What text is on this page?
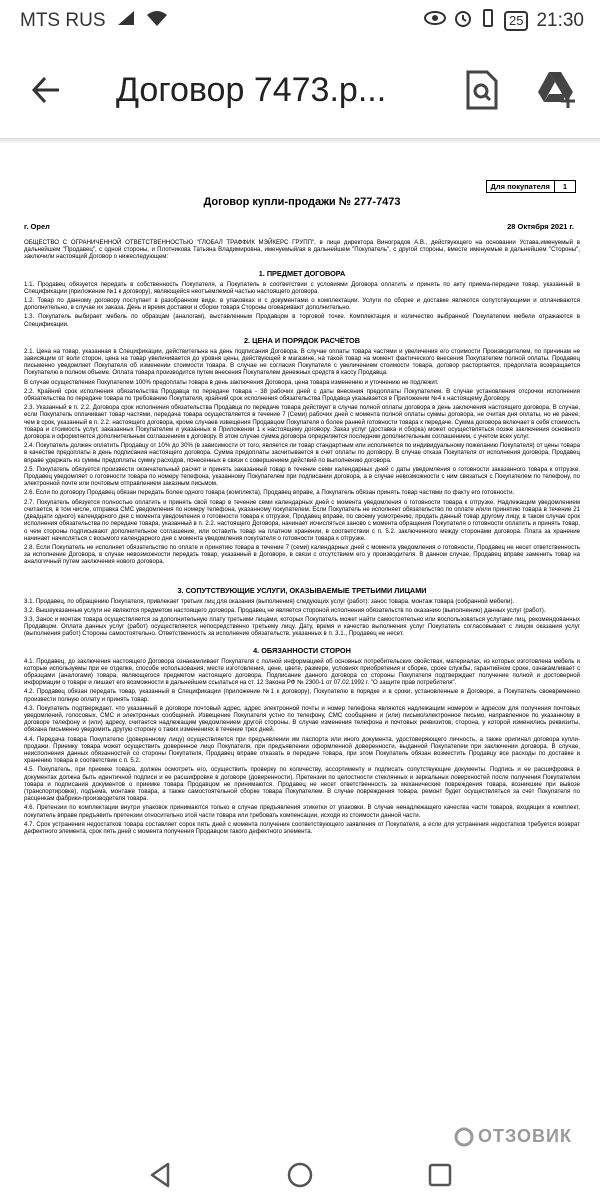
MTS RUS	25 21:30
Договор 7473.p...
Для покупателя	1
Договор купли-продажи № 277-7473
г. Орел	28 Октября 2021 г.
ОБЩЕСТВО С ОГРАНИЧЕННОЙ ОТВЕТСТВЕННОСТЬЮ "ГЛОБАЛ ТРАФФИК МЭЙКЕРС ГРУПП", в лице директора Виноградов А.В., действующего на основании Устава,именуемый в дальнейшем "Продавец", с одной стороны, и Плотникова Татьяна Владимировна, именуемый/ая в дальнейшем "Покупатель", с другой стороны, вместе именуемые в дальнейшем "Стороны", заключили настоящий Договор о нижеследующем:
1. ПРЕДМЕТ ДОГОВОРА
1.1. Продавец обязуется передать в собственность Покупателя, а Покупатель в соответствии с условиями Договора оплатить и принять по акту приема-передачи товар, указанный в Спецификации (приложение №1 к договору), являющейся неотъемлемой частью настоящего договора.
1.2. Товар по данному договору поступает в разобранном виде, в упаковках и с документами о комплектации. Услуги по сборке и доставке являются сопутствующими и оплачиваются дополнительно, в случае их заказа. День и время доставки и сборки товара Стороны оговаривают дополнительно.
1.3. Покупатель выбирает мебель по образцам (аналогам), выставленным Продавцом в торговой точке. Комплектация и количество выбранной Покупателем мебели отражаются в Спецификации.
2. ЦЕНА И ПОРЯДОК РАСЧЁТОВ
2.1. Цена на товар, указанная в Спецификации, действительна на день подписания Договора. В случае оплаты товара частями и увеличения его стоимости Производителем, по причинам не зависящим от воли сторон, цена на товар увеличивается до уровня цены, действующей в магазине, на такой товар на момент фактического внесения Покупателем полной оплаты. Продавец письменно уведомляет Покупателя об изменении стоимости товара. В случае не согласия Покупателя с увеличением стоимости товара, договор расторгается, предоплата возвращается Покупателю в полном объеме. Оплата товара производится путем внесения Покупателем денежных средств в кассу Продавца.
В случае осуществления Покупателем 100% предоплаты товара в день заключения Договора, цена товара изменению и уточнению не подлежит.
2.2. Крайний срок исполнения обязательства Продавца по передаче товара - 38 рабочих дней с даты внесения предоплаты Покупателем. В случае установления отсрочки исполнения обязательства по передаче товара по требованию Покупателя, крайний срок исполнения обязательства Продавца указывается в Приложении №4 к настоящему Договору.
2.3. Указанный в п. 2.2. Договора срок исполнения обязательства Продавца по передаче товара действует в случае полной оплаты договора в день заключения настоящего договора. В случае, если Покупатель оплачивает товар частями, передача товара осуществляется в течение 7 (Семи) рабочих дней с момента полной оплаты суммы договора, не считая дня оплаты, но не ранее, чем в срок, указанный в п. 2.2. настоящего договора, кроме случаев извещения Продавцом Покупателя о более ранней готовности товара к передаче. Сумма договора включает в себя стоимость товара и стоимость услуг, заказанных Покупателем и указанных в Приложении 1 к настоящему договору. Заказ услуг (доставка и сборка) может осуществляться позже заключения основного договора и оформляется дополнительным соглашением к договору. В этом случае сумма договора определяется последним дополнительным соглашением, с учетом всех услуг.
2.4. Покупатель должен оплатить Продавцу от 10% до 30% (в зависимости от того, является ли товар стандартным или исполняется по индивидуальному пожеланию Покупателя) от цены товара в качестве предоплаты в день подписания настоящего договора. Сумма предоплаты засчитывается в счет оплаты по договору. В случае отказа Покупателя от исполнения договора, Продавец вправе удержать из суммы предоплаты сумму расходов, понесенных в связи с совершением действий по выполнению договора.
2.5. Покупатель обязуется произвести окончательный расчет и принять заказанный товар в течение семи календарных дней с даты уведомления о готовности заказанного товара к отгрузке. Продавец уведомляет о готовности товара по номеру телефона, указанному Покупателем при подписании договора, а в случае невозможности с ним связаться с Покупателем по телефону, по электронной почте или почтовым отправлением заказным письмом.
2.6. Если по договору Продавец обязан передать более одного товара (комплекта), Продавец вправе, а Покупатель обязан принять товар частями по факту его готовности.
2.7. Покупатель обязуется полностью оплатить и принять свой товар в течение семи календарных дней с момента уведомления о готовности товара к отгрузке. Надлежащим уведомлением считается, в том числе, отправка СМС уведомления по номеру телефона, указанному покупателем. Если Покупатель не исполняет обязательство по оплате и/или принятию товара в течение 21 (двадцати одного) календарного дня с момента уведомления о готовности товара к отгрузке, Продавец вправе, по своему усмотрению, продать данный товар другому лицу, в таком случае срок исполнения обязательства по передаче товара, указанный в п. 2.2. настоящего Договора, начинает исчисляться заново с момента обращения Покупателя о готовности оплатить и принять товар, о чем стороны подписывают дополнительное соглашение, или оставить товар на платном хранении, в соответствии с п. 5.2. заключенного между сторонами договора. Плата за хранение начинает начисляться с восьмого календарного дня с момента уведомления покупателя о готовности товара к отгрузке.
2.8. Если Покупатель не исполняет обязательство по оплате и принятию товара в течение 7 (семи) календарных дней с момента уведомления о готовности, Продавец не несет ответственность за исполнение Договора, в случае невозможности передать товар, указанный в Договоре, в связи с отсутствием его у производителя. В данном случае, Продавец вправе заменить товар на аналогичный путем заключения нового договора.
3. СОПУТСТВУЮЩИЕ УСЛУГИ, ОКАЗЫВАЕМЫЕ ТРЕТЬИМИ ЛИЦАМИ
3.1. Продавец, по обращению Покупателя, привлекает третьих лиц для оказания (выполнения) следующих услуг (работ): занос товара, монтаж товара (собранной мебели).
3.2. Вышеуказанные услуги не являются предметом настоящего договора. Продавец не является стороной исполнения обязательств по оказанию (выполнению) данных услуг (работ).
3.3. Занос и монтаж товара осуществляется за дополнительную плату третьими лицами, которых Покупатель может найти самостоятельно или воспользоваться услугами лиц, рекомендованных Продавцом. Оплата данных услуг (работ) осуществляется непосредственно третьему лицу. Дату, время и качество выполнения услуг Покупатель согласовывает с лицом оказания услуг (выполнения работ) Стороны самостоятельно. Ответственность за исполнение обязательств, указанных в п. 3.1., Продавец не несет.
4. ОБЯЗАННОСТИ СТОРОН
4.1. Продавец, до заключения настоящего Договора ознакамливает Покупателя с полной информацией об основных потребительских свойствах, материалах, из которых изготовлена мебель и которые используемы при ее отделке, способе использования, месте изготовления, цене, цвете, размере, условиях приобретения и сборке, сроке службы, гарантийном сроке, ознакамливает с образцами (аналогами) товара, являющегося предметом настоящего договора. Подписание данного договора со стороны Покупателя подтверждает получение полной и достоверной информации о товаре и лишает его возможности в дальнейшем ссылаться на ст. 12 Закона РФ № 2300-1 от 07.02.1992 г. "О защите прав потребителя".
4.2. Продавец обязан передать товар, указанный в Спецификации (приложение №1 к договору), Покупателю в порядке и в сроки, установленные в Договоре, а Покупатель своевременно произвести полную оплату и принять товар.
4.3. Покупатель подтверждает, что указанный в договоре почтовый адрес, адрес электронной почты и номер телефона являются надлежащим номером и адресом для получения почтовых уведомлений, голосовых, СМС и электронных сообщений. Извещение Покупателя устно по телефону, СМС сообщение и (или) письмо/электронное письмо, направленное по указанному в договоре телефону и (или) адресу, считается надлежащим уведомлением другой стороны. В случае изменения телефона и почтовых реквизитов, сторона, у которой изменились реквизиты, обязана письменно уведомить другую сторону о таких изменениях в течение трех дней.
4.4. Передача товара Покупателю (доверенному лицу) осуществляется при предъявлении им паспорта или иного документа, удостоверяющего личность, а также оригинал договора купли-продажи. Приемку товара может осуществить доверенное лицо Покупателя, при предъявлении оформленной доверенности, выданной Покупателем при заключении договора. В случае, неисполнения данных обязанностей со стороны Покупателя, Продавец вправе отказать в передаче товара, при этом Покупатель обязан возместить Продавцу все расходы по доставке и хранению товара в соответствии с п. 5.2.
4.5. Покупатель, при приемке товара, должен осмотреть его, осуществить проверку по количеству, ассортименту и подписать сопутствующие документы. Подпись и ее расшифровка в документах должна быть идентичной подписи и ее расшифровке в договоре (доверенности). Претензии по целостности стеклянных и зеркальных поверхностей после получения Покупателем товара и подписания документов о приемке товара Продавцом не принимаются. Продавец не несет ответственность за механические повреждения товара, возникшие при вывозе (транспортировке), подъема, монтаже товара, а также самостоятельной сборке товара Покупателем. В случае повреждения товара, ремонт будет осуществляться за счет Покупателя по расценкам фабрики-производителя товара.
4.6. Претензии по комплектации внутри упаковок принимаются только в случае предъявления этикетки от упаковки. В случае ненадлежащего качества части товаров, входящих в комплект, покупатель вправе предъявить претензии относительно этой части товара или требовать компенсации, исходя из стоимости данной части.
4.7. Срок устранения недостатков товара составляет сорок пять дней с момента получения соответствующего заявления от Покупателя, а если для устранения недостатков требуется возврат дефектного элемента, срок пять дней с момента получения Продавцом такого дефектного элемента.
ОТЗОВИК
